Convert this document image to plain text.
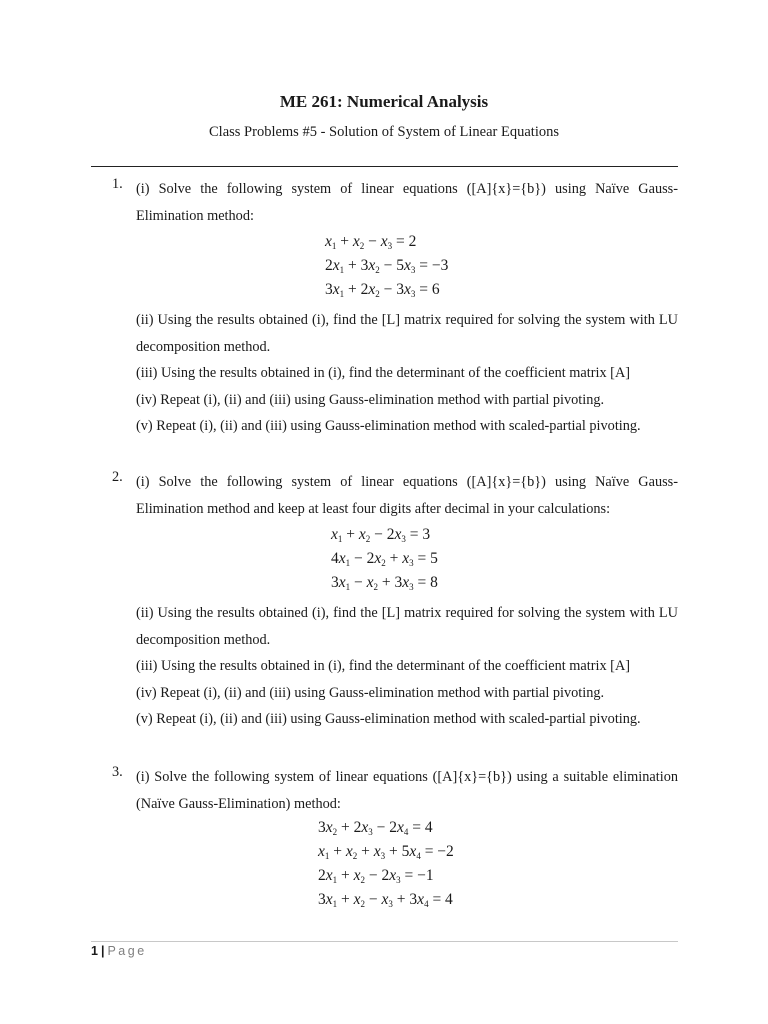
ME 261: Numerical Analysis
Class Problems #5 - Solution of System of Linear Equations
1. (i) Solve the following system of linear equations ([A]{x}={b}) using Naïve Gauss- Elimination method:
$x_1 + x_2 - x_3 = 2$
$2x_1 + 3x_2 - 5x_3 = -3$
$3x_1 + 2x_2 - 3x_3 = 6$
(ii) Using the results obtained (i), find the [L] matrix required for solving the system with LU decomposition method.
(iii) Using the results obtained in (i), find the determinant of the coefficient matrix [A]
(iv) Repeat (i), (ii) and (iii) using Gauss-elimination method with partial pivoting.
(v) Repeat (i), (ii) and (iii) using Gauss-elimination method with scaled-partial pivoting.
2. (i) Solve the following system of linear equations ([A]{x}={b}) using Naïve Gauss- Elimination method and keep at least four digits after decimal in your calculations:
$x_1 + x_2 - 2x_3 = 3$
$4x_1 - 2x_2 + x_3 = 5$
$3x_1 - x_2 + 3x_3 = 8$
(ii) Using the results obtained (i), find the [L] matrix required for solving the system with LU decomposition method.
(iii) Using the results obtained in (i), find the determinant of the coefficient matrix [A]
(iv) Repeat (i), (ii) and (iii) using Gauss-elimination method with partial pivoting.
(v) Repeat (i), (ii) and (iii) using Gauss-elimination method with scaled-partial pivoting.
3. (i) Solve the following system of linear equations ([A]{x}={b}) using a suitable elimination (Naïve Gauss-Elimination) method:
$3x_2 + 2x_3 - 2x_4 = 4$
$x_1 + x_2 + x_3 + 5x_4 = -2$
$2x_1 + x_2 - 2x_3 = -1$
$3x_1 + x_2 - x_3 + 3x_4 = 4$
1 | Page
